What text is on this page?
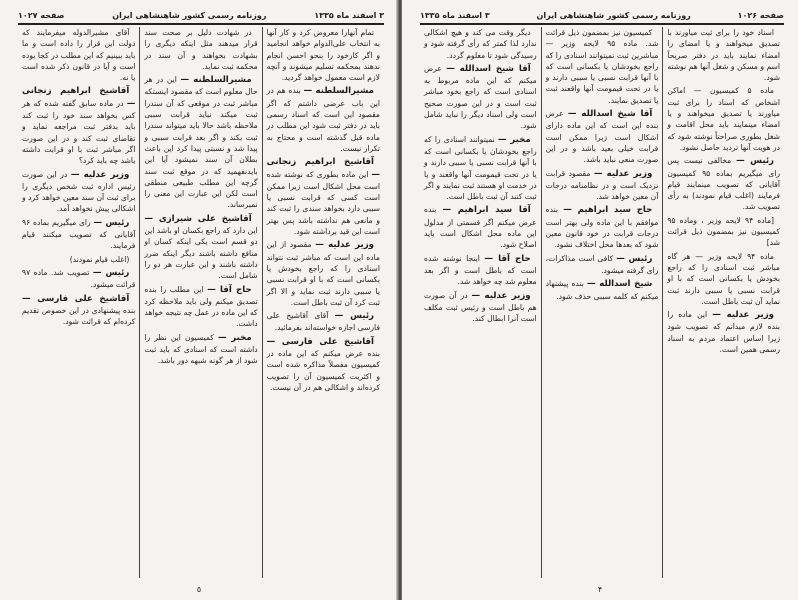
۳ اسفند ماه ۱۳۳۵
روزنامه رسمی کشور شاهنشاهی ایران
صفحه ۱۰۲۷

تمام آنهارا معروض کرد و کار آنها به انتخاب علی‌الدوام خواهد انجامید و اگر کارخود را بنحو احسن انجام ندهند بمحکمه تسلیم میشوند و آنچه لازم است معمول خواهد گردید.

مشیرالسلطنه — بنده هم در این باب عرضی داشتم که اگر مقصود این است که اسناد رسمی باید در دفتر ثبت شود این مطلب در ماده قبل گذشته است و محتاج به تکرار نیست.

آقاشیخ ابراهیم زنجانی — این ماده بطوری که نوشته شده است محل اشکال است زیرا ممکن است کسی که قرابت نسبی یا سببی دارد بخواهد سندی را ثبت کند و مانعی هم نداشته باشد پس بهتر است این قید برداشته شود.

وزیر عدلیه — مقصود از این ماده این است که مباشر ثبت نتواند اسنادی را که راجع بخودش یا بکسانی است که با او قرابت نسبی یا سببی دارند ثبت نماید و الا اگر ثبت کرد آن ثبت باطل است.

رئیس — آقای آقاشیخ علی فارسی اجازه خواسته‌اند بفرمائید.

آقاشیخ علی فارسی — بنده عرض میکنم که این ماده در کمیسیون مفصلاً مذاکره شده است و اکثریت کمیسیون آن را تصویب کرده‌اند و اشکالی هم در آن نیست.

در شهادت دلیل بر صحت سند قرار میدهند مثل اینکه دیگری را بشهادت بخواهند و آن سند در محکمه ثبت نماید.

مشیرالسلطنه — این در هر حال معلوم است که مقصود اینستکه مباشر ثبت در موقعی که آن سندرا ثبت میکند نباید قرابت سببی ملاحظه باشد حالا باید میتواند سندرا ثبت بکند و اگر بعد قرابت سببی و پیدا شد و نسبتی پیدا کرد این باعث بطلان آن سند نمیشود آیا این بایدنفهمید که در موقع ثبت سند گرچه این مطلب طبیعی منطقی است لکن این عبارت این معنی را نمیرساند.

آقاشیخ علی شیرازی — این دارد که راجع بکسان او باشد این دو قسم است یکی اینکه کسان او منافع داشته باشند دیگر اینکه ضرر داشته باشند و این عبارت هر دو را شامل است.

حاج آقا — این مطلب را بنده تصدیق میکنم ولی باید ملاحظه کرد که این ماده در عمل چه نتیجه خواهد داشت.

مخبر — کمیسیون این نظر را داشته است که اسنادی که باید ثبت شود از هر گونه شبهه دور باشد.

آقای مشیرالدوله میفرمایند که دولت این قرار را داده است و ما باید ببینیم که این مطلب در کجا بوده است و آیا در قانون ذکر شده است یا نه.

آقاشیخ ابراهیم زنجانی — در ماده سابق گفته شده که هر کس بخواهد سند خود را ثبت کند باید بدفتر ثبت مراجعه نماید و تقاضای ثبت کند و در این صورت اگر مباشر ثبت با او قرابت داشته باشد چه باید کرد؟

وزیر عدلیه — در این صورت رئیس اداره ثبت شخص دیگری را برای ثبت آن سند معین خواهد کرد و اشکالی پیش نخواهد آمد.

رئیس — رای میگیریم بماده ۹۶ آقایانی که تصویب میکنند قیام فرمایند.

(اغلب قیام نمودند)

رئیس — تصویب شد. ماده ۹۷ قرائت میشود.

آقاشیخ علی فارسی — بنده پیشنهادی در این خصوص تقدیم کرده‌ام که قرائت شود.

٥
صفحه ۱۰۲۶
روزنامه رسمی کشور شاهنشاهی ایران
۳ اسفند ماه ۱۳۳۵

اسناد خود را برای ثبت میاورند با تصدیق میخواهند و یا امضای را امضاء نمایند باید در دفتر صریحاً اسم و مسکن و شغل آنها هم نوشته شود.

ماده ۵ کمیسیون — اماکن اشخاص که اسناد را برای ثبت میاورند یا تصدیق میخواهند و یا امضاء مینمایند باید محل اقامت و شغل بطوری صراحتاً نوشته شود که در هویت آنها تردید حاصل نشود.

رئیس — مخالفی نیست پس رای میگیریم بماده ۹۵ کمیسیون آقایانی که تصویب مینمایند قیام فرمایند (اغلب قیام نمودند) به رأی تصویب شد.

[ماده ۹۴ لایحه وزیر ، وماده ۹۵ کمیسیون نیز بمضمون ذیل قرائت شد]

ماده ۹۴ لایحه وزیر — هر گاه مباشر ثبت اسنادی را که راجع بخودش یا بکسانی است که با او قرابت نسبی یا سببی دارند ثبت نماید آن ثبت باطل است.

وزیر عدلیه — این ماده را بنده لازم میدانم که تصویب شود زیرا اساس اعتماد مردم به اسناد رسمی همین است.

کمیسیون نیز بمضمون ذیل قرائت شد. ماده ۹۵ لایحه وزیر — مباشرین ثبت نمیتوانند اسنادی را که راجع بخودشان یا بکسانی است که با آنها قرابت نسبی یا سببی دارند و یا در تحت قیمومت آنها واقعند ثبت یا تصدیق نمایند.

آقا شیخ اسدالله — عرض بنده این است که این ماده دارای اشکال است زیرا ممکن است قرابت خیلی بعید باشد و در این صورت منعی نباید باشد.

وزیر عدلیه — مقصود قرابت نزدیک است و در نظامنامه درجات آن معین خواهد شد.

حاج سید ابراهیم — بنده موافقم با این ماده ولی بهتر است درجات قرابت در خود قانون معین شود که بعدها محل اختلاف نشود.

رئیس — کافی است مذاکرات، رای گرفته میشود.

شیخ اسدالله — بنده پیشنهاد میکنم که کلمه سببی حذف شود.

دیگر وقت می کند و هیچ اشکالی ندارد لذا کمتر که رأی گرفته شود و رسیدگی شود تا معلوم گردد.

آقا شیخ اسدالله — عرض میکنم که این ماده مربوط به اسنادی است که راجع بخود مباشر ثبت است و در این صورت صحیح است ولی اسناد دیگر را نباید شامل شود.

مخبر — نمیتوانند اسنادی را که راجع بخودشان یا بکسانی است که با آنها قرابت نسبی یا سببی دارند و یا در تحت قیمومت آنها واقعند و یا در خدمت او هستند ثبت نمایند و اگر ثبت کنند آن ثبت باطل است.

آقا سید ابراهیم — بنده عرض میکنم اگر قسمتی از مدلول این ماده محل اشکال است باید اصلاح شود.

حاج آقا — اینجا نوشته شده است که باطل است و اگر بعد معلوم شد چه خواهد شد.

وزیر عدلیه — در آن صورت هم باطل است و رئیس ثبت مکلف است آنرا ابطال کند.

۴
